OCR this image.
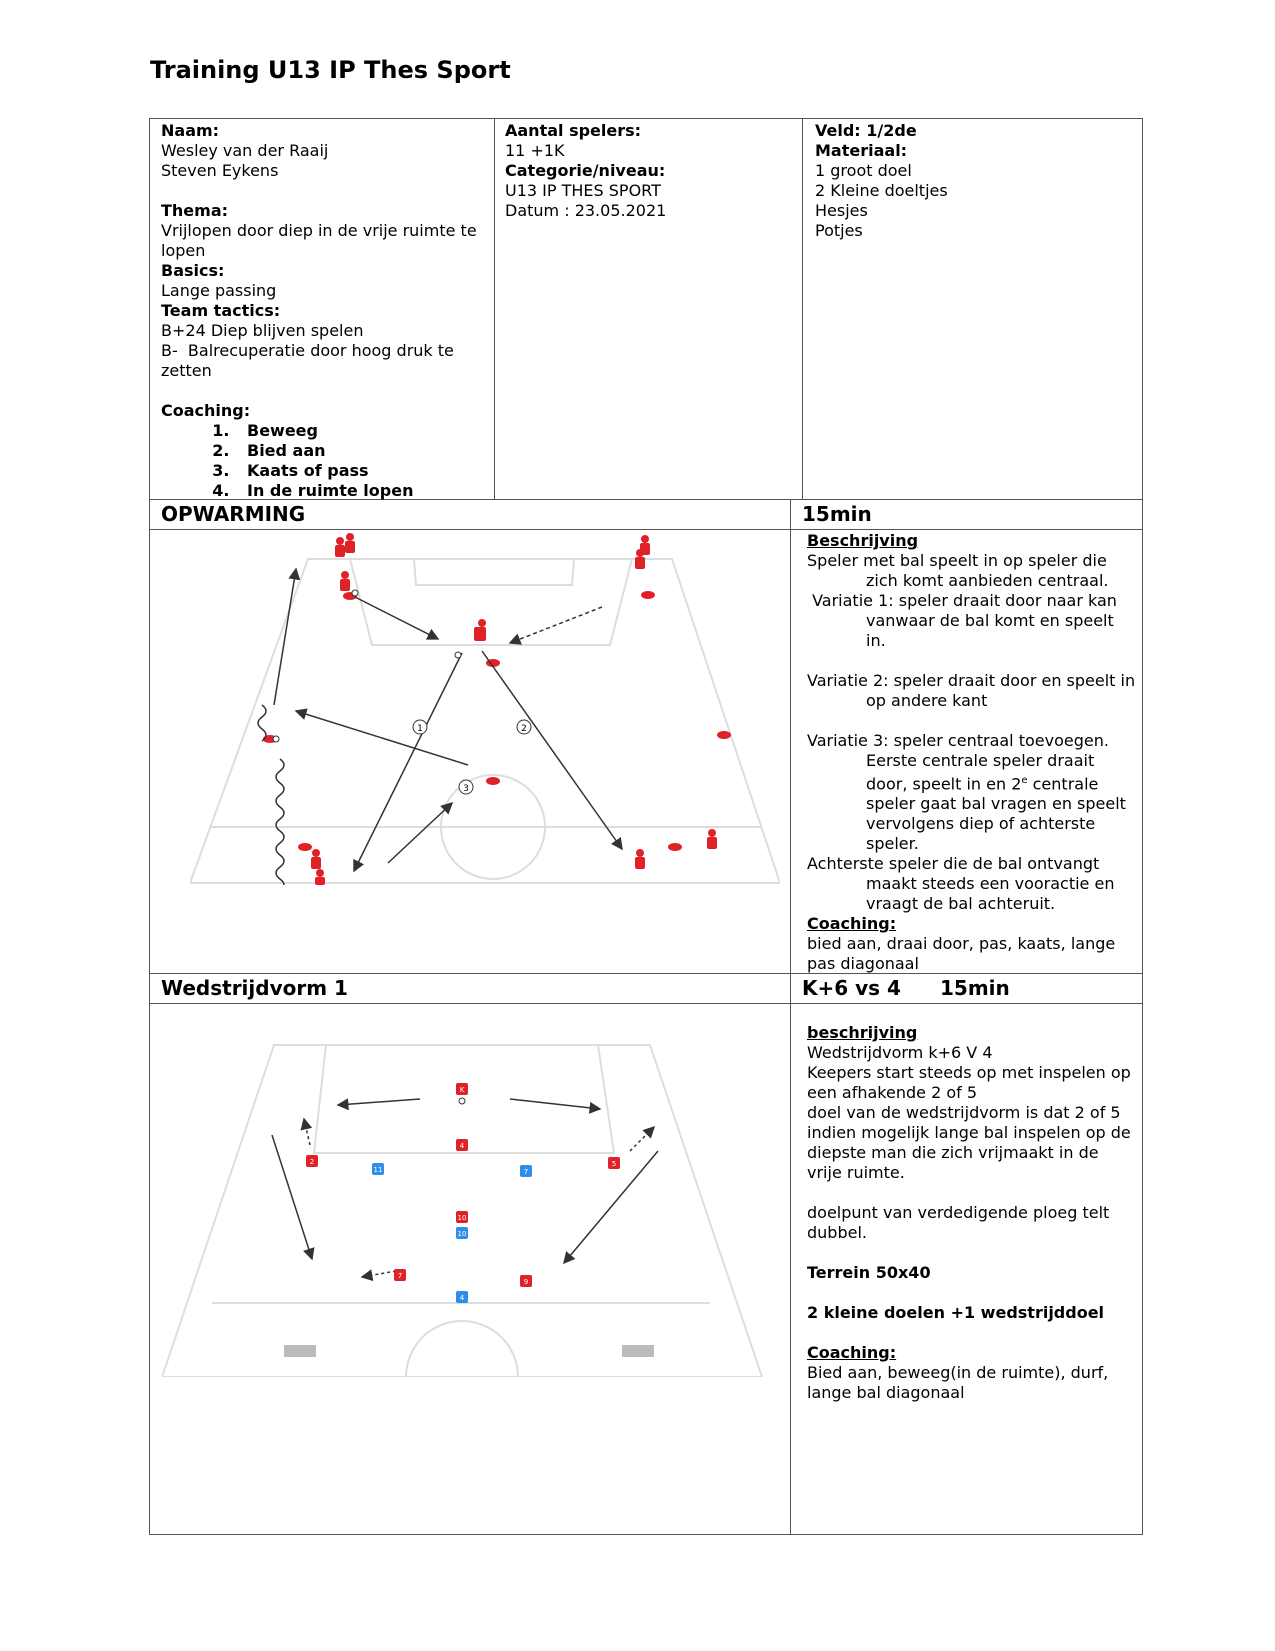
Training U13 IP Thes Sport
Naam:
Wesley van der Raaij
Steven Eykens
Thema:
Vrijlopen door diep in de vrije ruimte te lopen
Basics:
Lange passing
Team tactics:
B+24 Diep blijven spelen
B-  Balrecuperatie door hoog druk te zetten
Coaching:
1. Beweeg
2. Bied aan
3. Kaats of pass
4. In de ruimte lopen
Aantal spelers:
11 +1K
Categorie/niveau:
U13 IP THES SPORT
Datum : 23.05.2021
Veld: 1/2de
Materiaal:
1 groot doel
2 Kleine doeltjes
Hesjes
Potjes
OPWARMING	15min
1	2
3
Beschrijving
Speler met bal speelt in op speler die zich komt aanbieden centraal.
Variatie 1: speler draait door naar kan vanwaar de bal komt en speelt in.
Variatie 2: speler draait door en speelt in op andere kant
Variatie 3: speler centraal toevoegen.
Eerste centrale speler draait door, speelt in en 2e centrale speler gaat bal vragen en speelt vervolgens diep of achterste speler.
Achterste speler die de bal ontvangt maakt steeds een vooractie en vraagt de bal achteruit.
Coaching:
bied aan, draai door, pas, kaats, lange pas diagonaal
Wedstrijdvorm 1	K+6 vs 4 15min
K
4
2	5
11	7
10
10
7
9
4
beschrijving
Wedstrijdvorm k+6 V 4
Keepers start steeds op met inspelen op een afhakende 2 of 5
doel van de wedstrijdvorm is dat 2 of 5 indien mogelijk lange bal inspelen op de diepste man die zich vrijmaakt in de vrije ruimte.
doelpunt van verdedigende ploeg telt dubbel.
Terrein 50x40
2 kleine doelen +1 wedstrijddoel
Coaching:
Bied aan, beweeg(in de ruimte), durf, lange bal diagonaal
